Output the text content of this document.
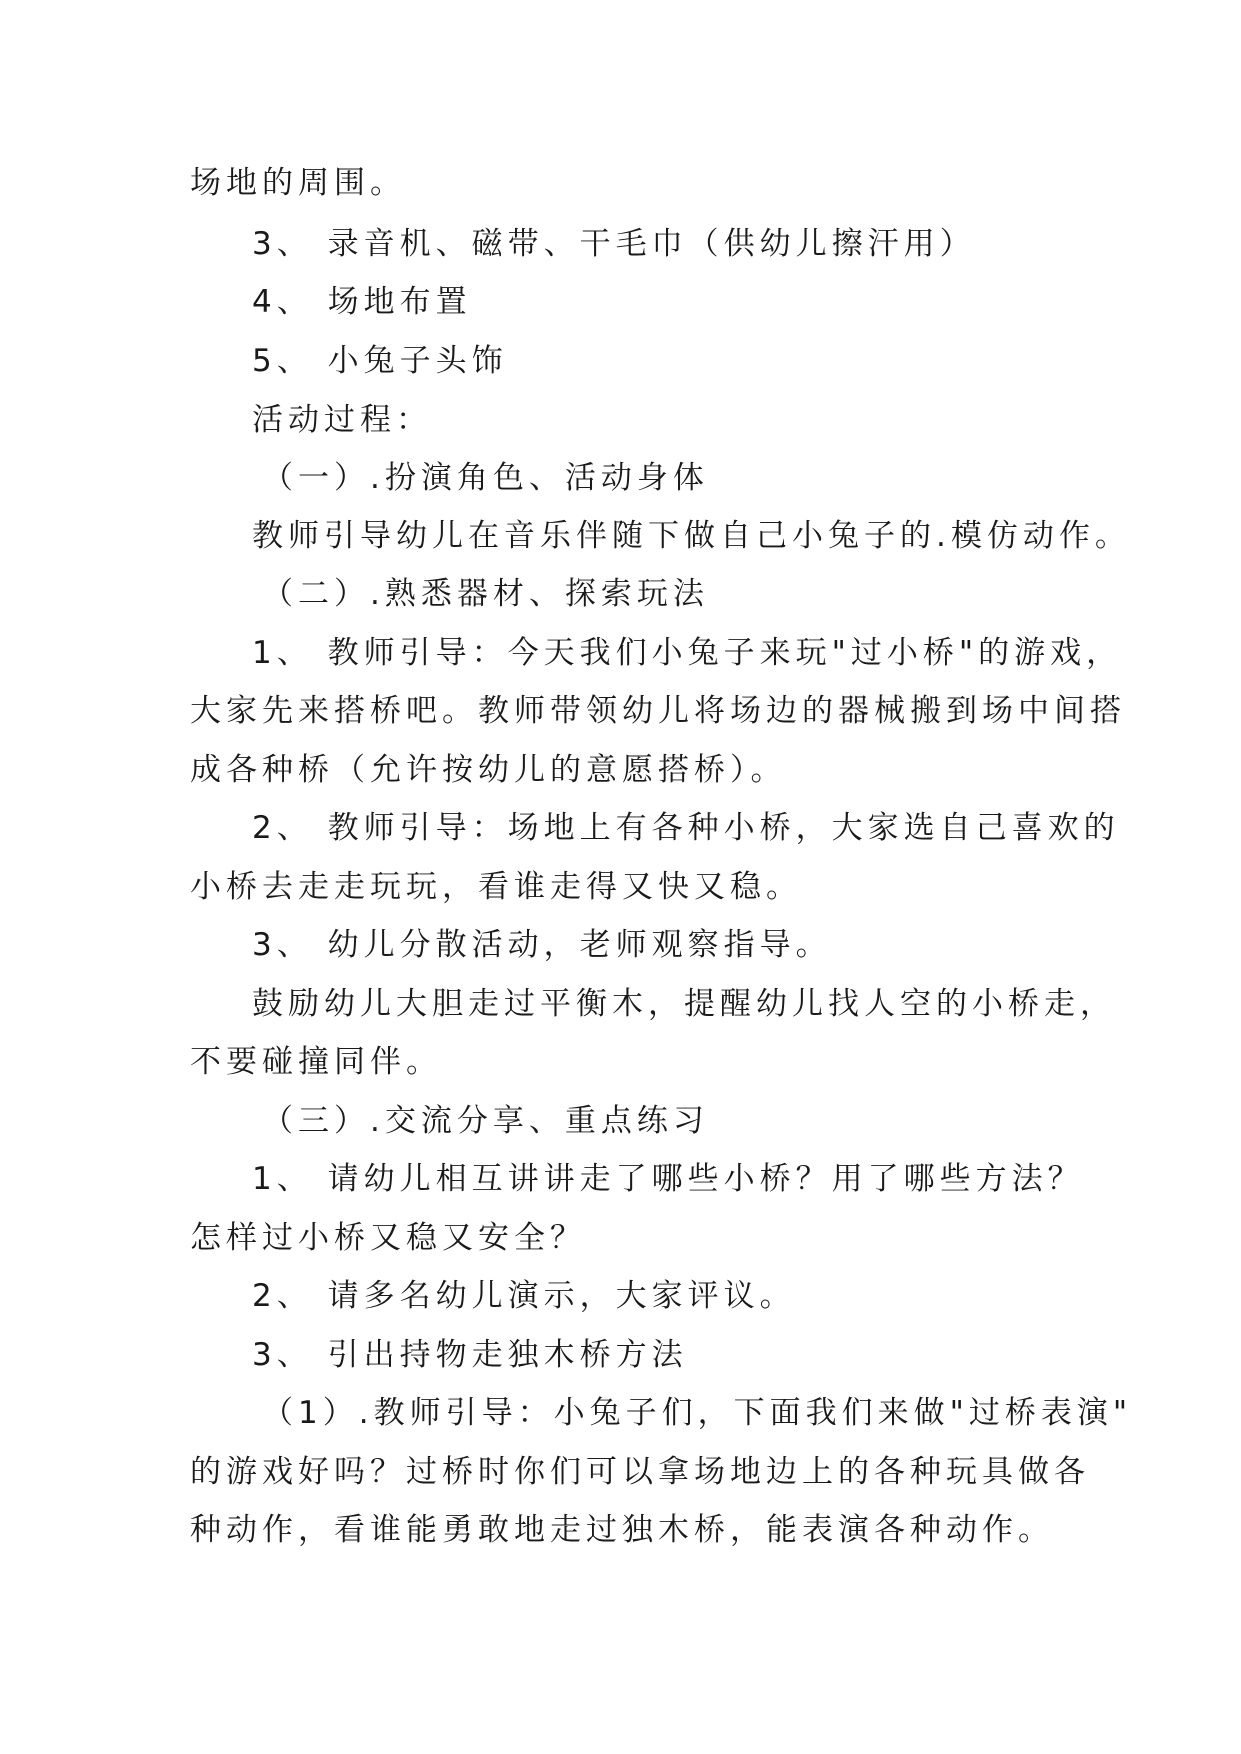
场地的周围。
3、 录音机、磁带、干毛巾（供幼儿擦汗用）
4、 场地布置
5、 小兔子头饰
活动过程：
（一）.扮演角色、活动身体
教师引导幼儿在音乐伴随下做自己小兔子的.模仿动作。
（二）.熟悉器材、探索玩法
1、 教师引导：今天我们小兔子来玩"过小桥"的游戏，
大家先来搭桥吧。教师带领幼儿将场边的器械搬到场中间搭
成各种桥（允许按幼儿的意愿搭桥）。
2、 教师引导：场地上有各种小桥，大家选自己喜欢的
小桥去走走玩玩，看谁走得又快又稳。
3、 幼儿分散活动，老师观察指导。
鼓励幼儿大胆走过平衡木，提醒幼儿找人空的小桥走，
不要碰撞同伴。
（三）.交流分享、重点练习
1、 请幼儿相互讲讲走了哪些小桥？用了哪些方法？
怎样过小桥又稳又安全？
2、 请多名幼儿演示，大家评议。
3、 引出持物走独木桥方法
（1）.教师引导：小兔子们，下面我们来做"过桥表演"
的游戏好吗？过桥时你们可以拿场地边上的各种玩具做各
种动作，看谁能勇敢地走过独木桥，能表演各种动作。
